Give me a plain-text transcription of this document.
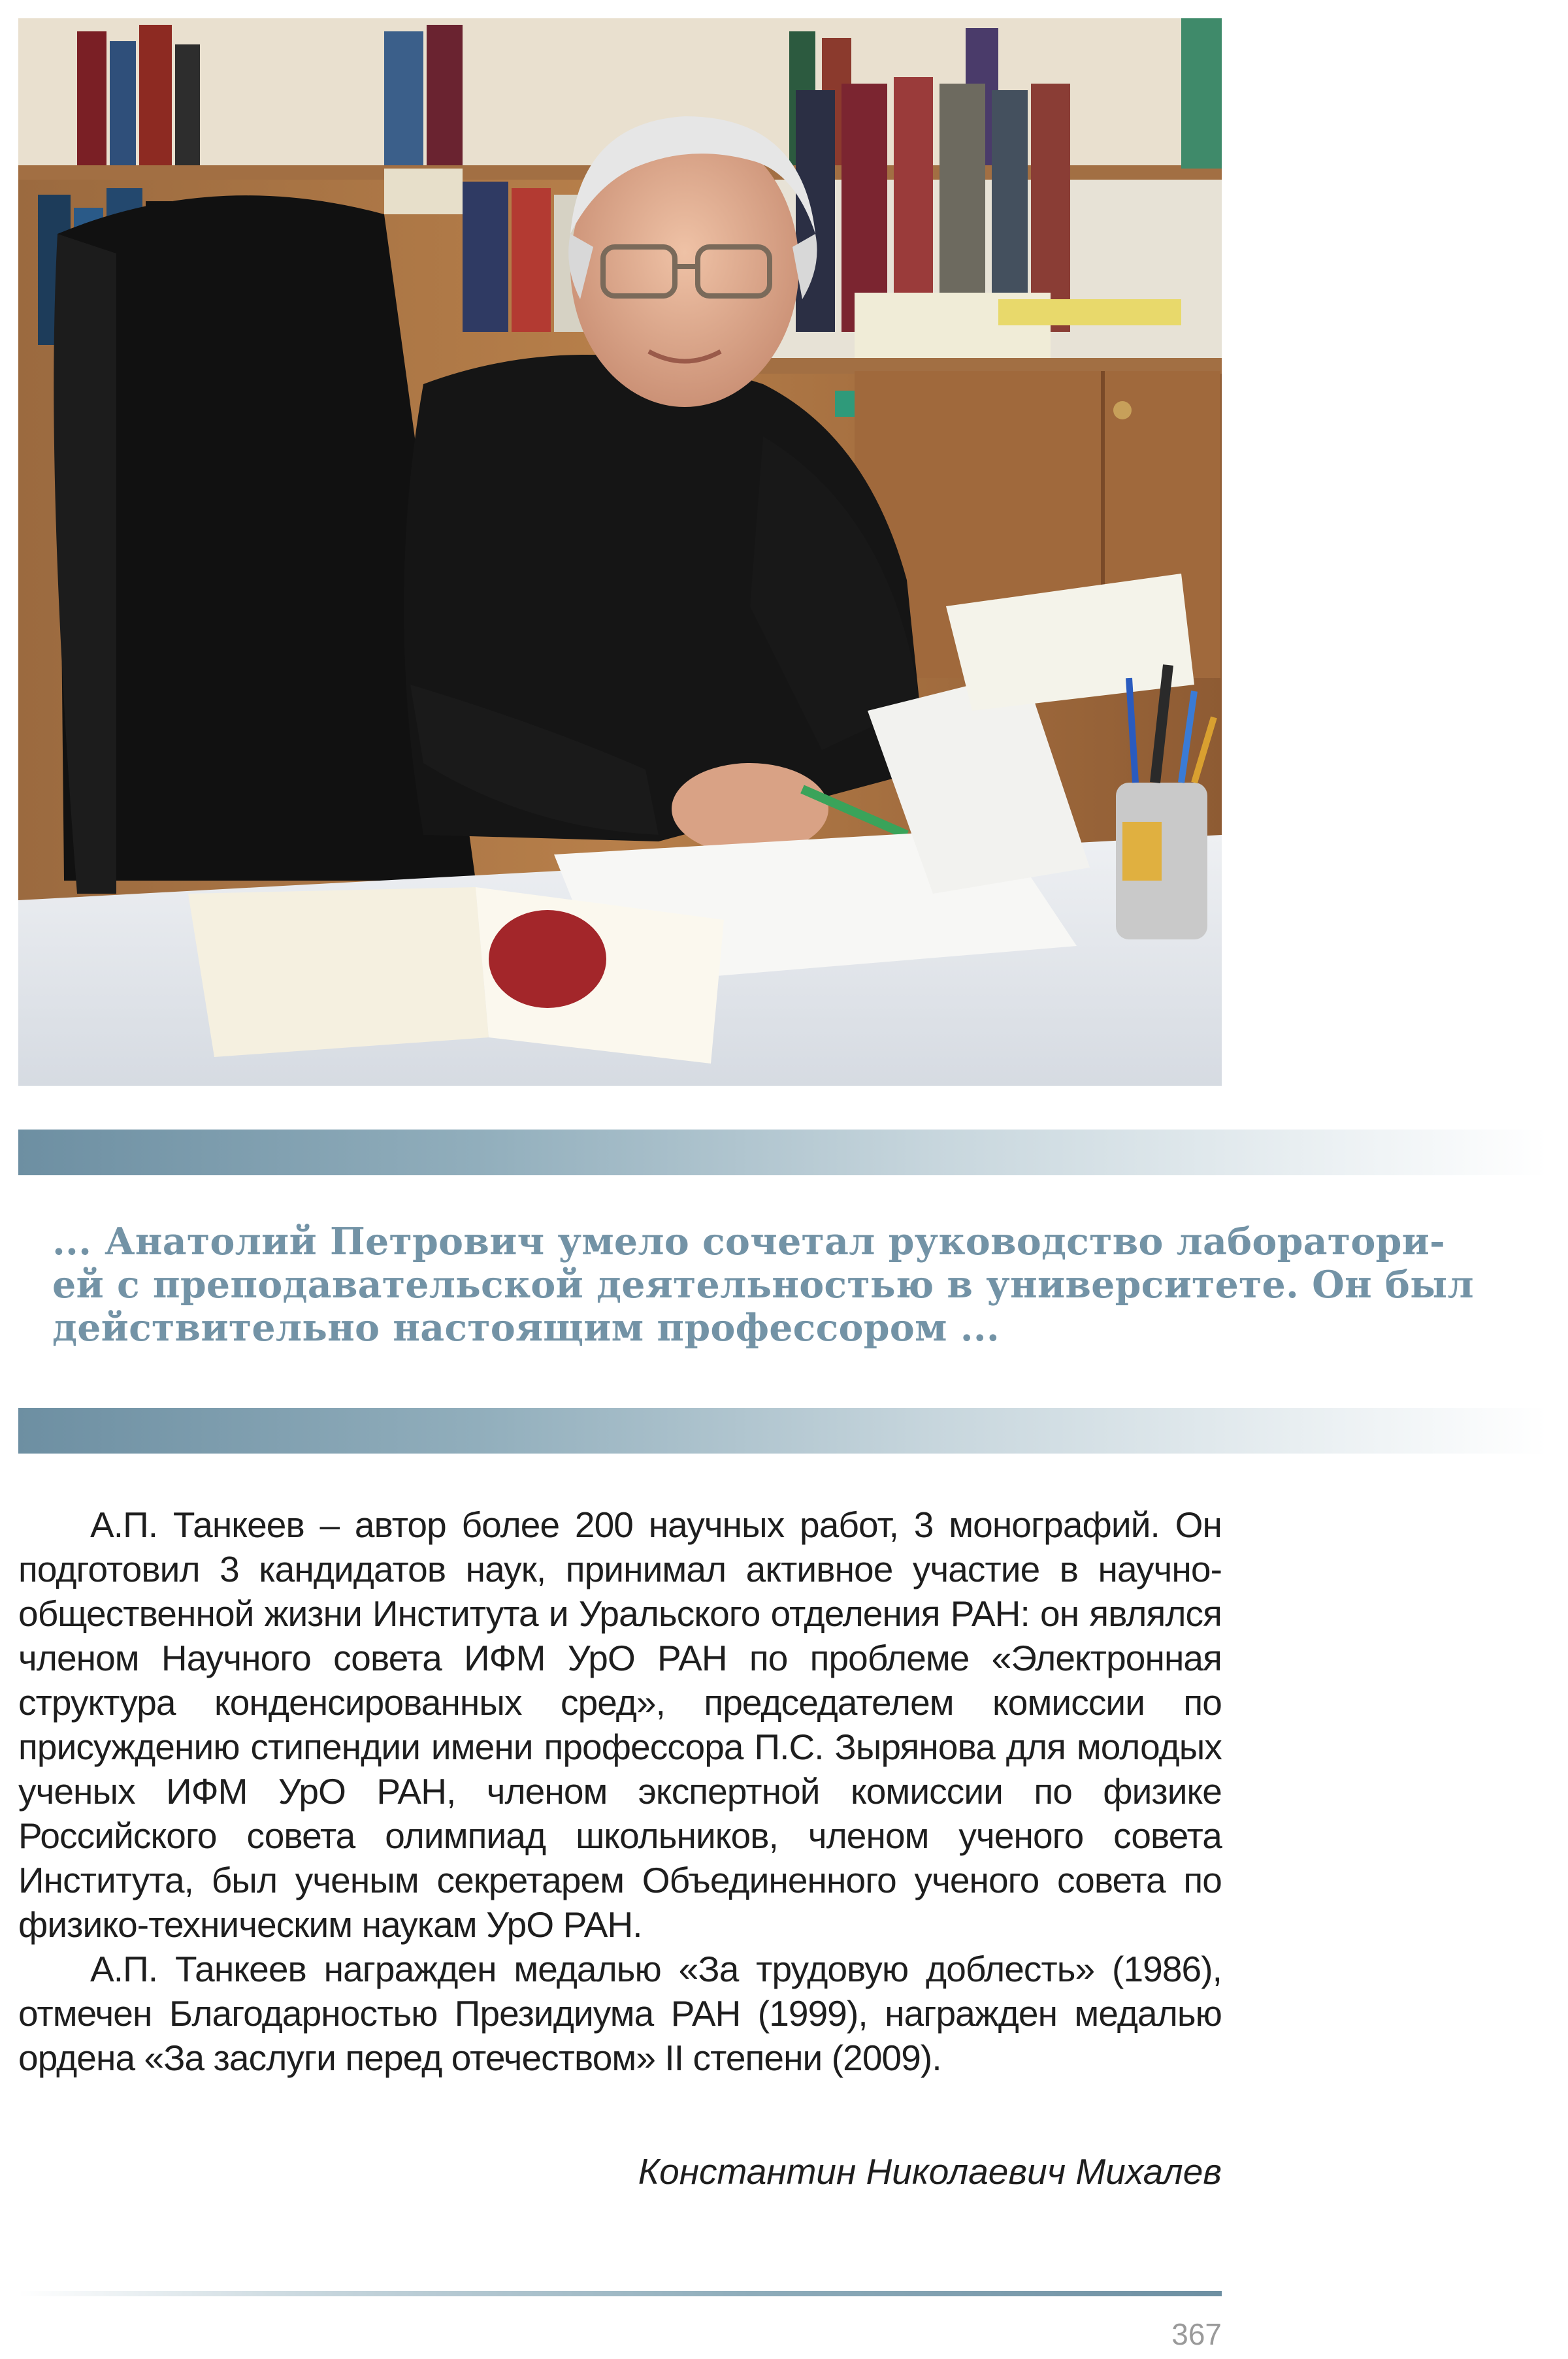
... Анатолий Петрович умело сочетал руководство лаборатори-
ей с преподавательской деятельностью в университете. Он был
действительно настоящим профессором ...

А.П. Танкеев – автор более 200 научных работ, 3 монографий. Он подготовил 3 кандидатов наук, принимал активное участие в научно-общественной жизни Института и Уральского отделения РАН: он являлся членом Научного совета ИФМ УрО РАН по проблеме «Электронная структура конденсированных сред», председателем комиссии по присуждению стипендии имени профессора П.С. Зырянова для молодых ученых ИФМ УрО РАН, членом экспертной комиссии по физике Российского совета олимпиад школьников, членом ученого совета Института, был ученым секретарем Объединенного ученого совета по физико-техническим наукам УрО РАН.

А.П. Танкеев награжден медалью «За трудовую доблесть» (1986), отмечен Благодарностью Президиума РАН (1999), награжден медалью ордена «За заслуги перед отечеством» II степени (2009).

Константин Николаевич Михалев
367
